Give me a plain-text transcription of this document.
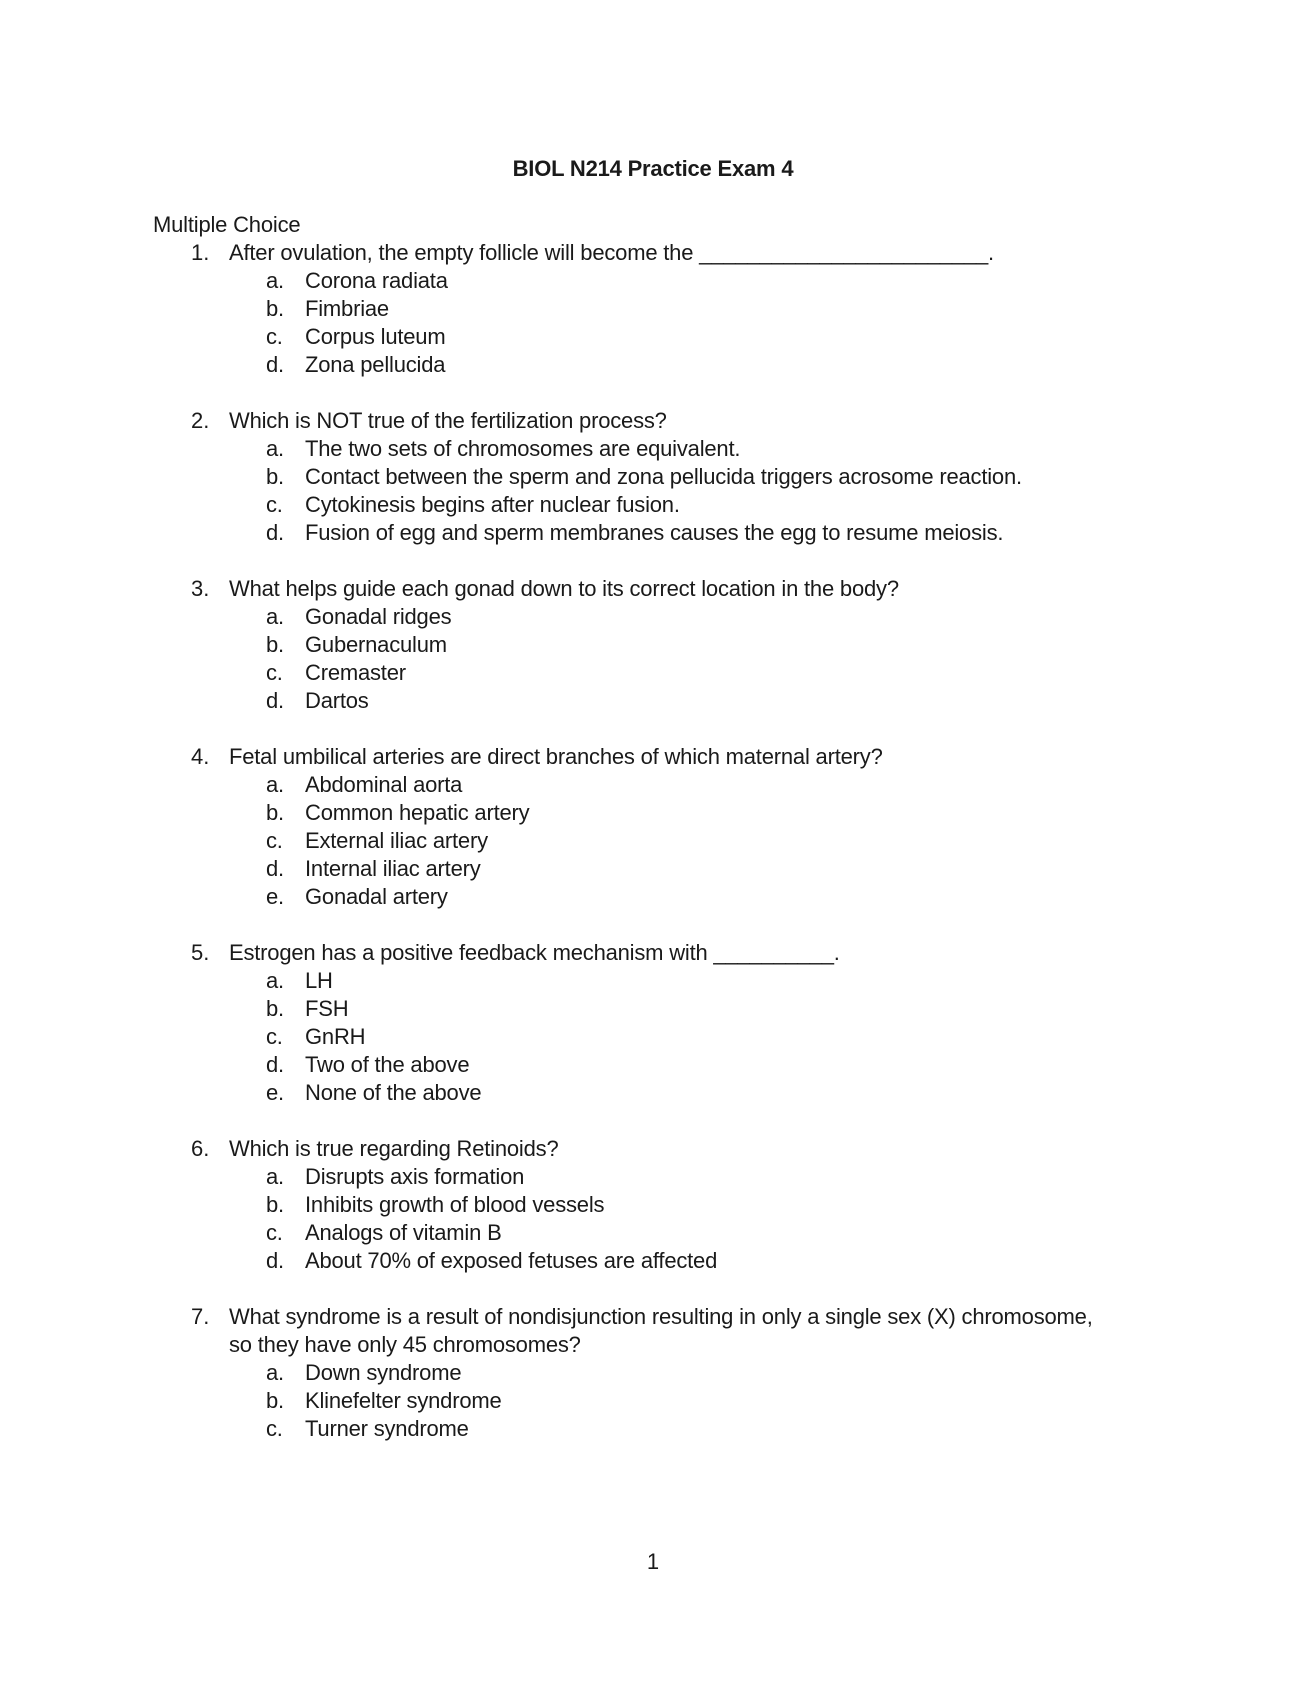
BIOL N214 Practice Exam 4
Multiple Choice
1. After ovulation, the empty follicle will become the ________________________.
a. Corona radiata
b. Fimbriae
c.	Corpus luteum
d. Zona pellucida
2. Which is NOT true of the fertilization process?
a. The two sets of chromosomes are equivalent.
b. Contact between the sperm and zona pellucida triggers acrosome reaction.
c.	Cytokinesis begins after nuclear fusion.
d. Fusion of egg and sperm membranes causes the egg to resume meiosis.
3. What helps guide each gonad down to its correct location in the body?
a. Gonadal ridges
b. Gubernaculum
c.	Cremaster
d. Dartos
4. Fetal umbilical arteries are direct branches of which maternal artery?
a. Abdominal aorta
b. Common hepatic artery
c.	External iliac artery
d. Internal iliac artery
e. Gonadal artery
5. Estrogen has a positive feedback mechanism with __________.
a. LH
b. FSH
c.	GnRH
d. Two of the above
e. None of the above
6. Which is true regarding Retinoids?
a. Disrupts axis formation
b. Inhibits growth of blood vessels
c.	Analogs of vitamin B
d. About 70% of exposed fetuses are affected
7. What syndrome is a result of nondisjunction resulting in only a single sex (X) chromosome, so they have only 45 chromosomes?
a. Down syndrome
b. Klinefelter syndrome
c.	Turner syndrome
1
